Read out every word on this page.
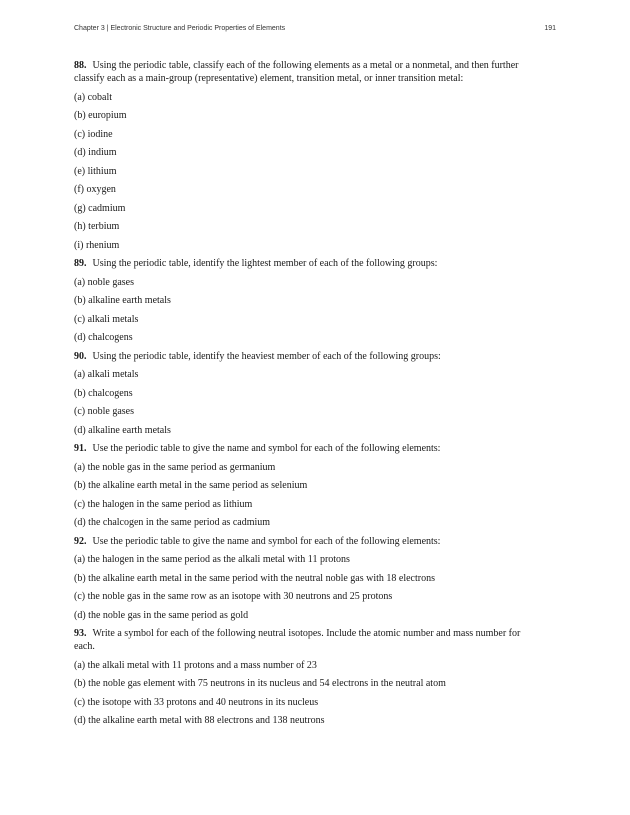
Chapter 3 | Electronic Structure and Periodic Properties of Elements	191
88. Using the periodic table, classify each of the following elements as a metal or a nonmetal, and then further classify each as a main-group (representative) element, transition metal, or inner transition metal:
(a) cobalt
(b) europium
(c) iodine
(d) indium
(e) lithium
(f) oxygen
(g) cadmium
(h) terbium
(i) rhenium
89. Using the periodic table, identify the lightest member of each of the following groups:
(a) noble gases
(b) alkaline earth metals
(c) alkali metals
(d) chalcogens
90. Using the periodic table, identify the heaviest member of each of the following groups:
(a) alkali metals
(b) chalcogens
(c) noble gases
(d) alkaline earth metals
91. Use the periodic table to give the name and symbol for each of the following elements:
(a) the noble gas in the same period as germanium
(b) the alkaline earth metal in the same period as selenium
(c) the halogen in the same period as lithium
(d) the chalcogen in the same period as cadmium
92. Use the periodic table to give the name and symbol for each of the following elements:
(a) the halogen in the same period as the alkali metal with 11 protons
(b) the alkaline earth metal in the same period with the neutral noble gas with 18 electrons
(c) the noble gas in the same row as an isotope with 30 neutrons and 25 protons
(d) the noble gas in the same period as gold
93. Write a symbol for each of the following neutral isotopes. Include the atomic number and mass number for each.
(a) the alkali metal with 11 protons and a mass number of 23
(b) the noble gas element with 75 neutrons in its nucleus and 54 electrons in the neutral atom
(c) the isotope with 33 protons and 40 neutrons in its nucleus
(d) the alkaline earth metal with 88 electrons and 138 neutrons
